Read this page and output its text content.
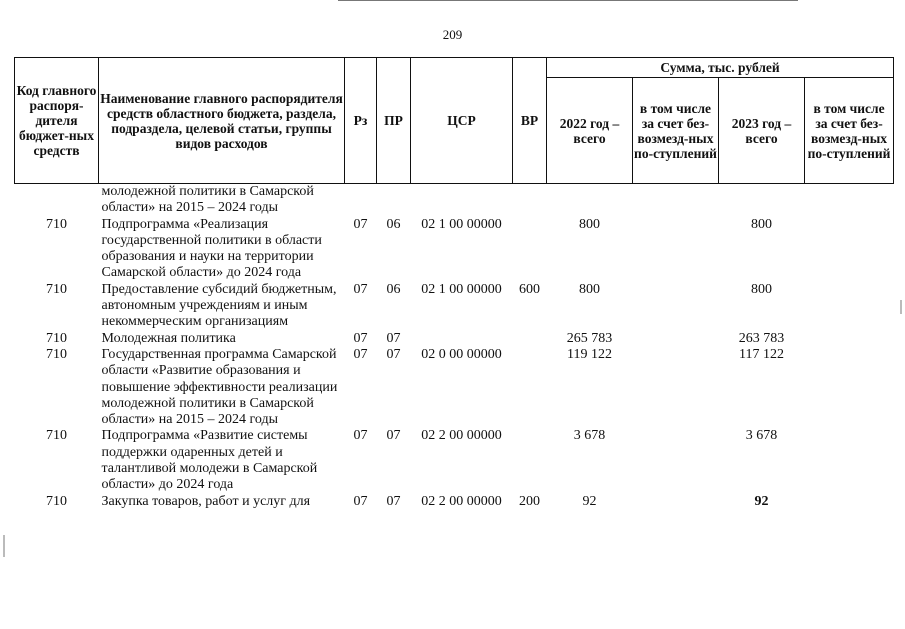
209
Код главного распоря-дителя бюджет-ных средств	Наименование главного распорядителя средств областного бюджета, раздела, подраздела, целевой статьи, группы видов расходов	Рз	ПР	ЦСР	ВР	Сумма, тыс. рублей			
						2022 год – всего	в том числе за счет без-возмезд-ных по-ступлений	2023 год – всего	в том числе за счет без-возмезд-ных по-ступлений
	молодежной политики в Самарской области» на 2015 – 2024 годы								
710	Подпрограмма «Реализация государственной политики в области образования и науки на территории Самарской области» до 2024 года	07	06	02 1 00 00000		800		800	
710	Предоставление субсидий бюджетным, автономным учреждениям и иным некоммерческим организациям	07	06	02 1 00 00000	600	800		800	
710	Молодежная политика	07	07			265 783		263 783	
710	Государственная программа Самарской области «Развитие образования и повышение эффективности реализации молодежной политики в Самарской области» на 2015 – 2024 годы	07	07	02 0 00 00000		119 122		117 122	
710	Подпрограмма «Развитие системы поддержки одаренных детей и талантливой молодежи в Самарской области» до 2024 года	07	07	02 2 00 00000		3 678		3 678	
710	Закупка товаров, работ и услуг для	07	07	02 2 00 00000	200	92		92	
